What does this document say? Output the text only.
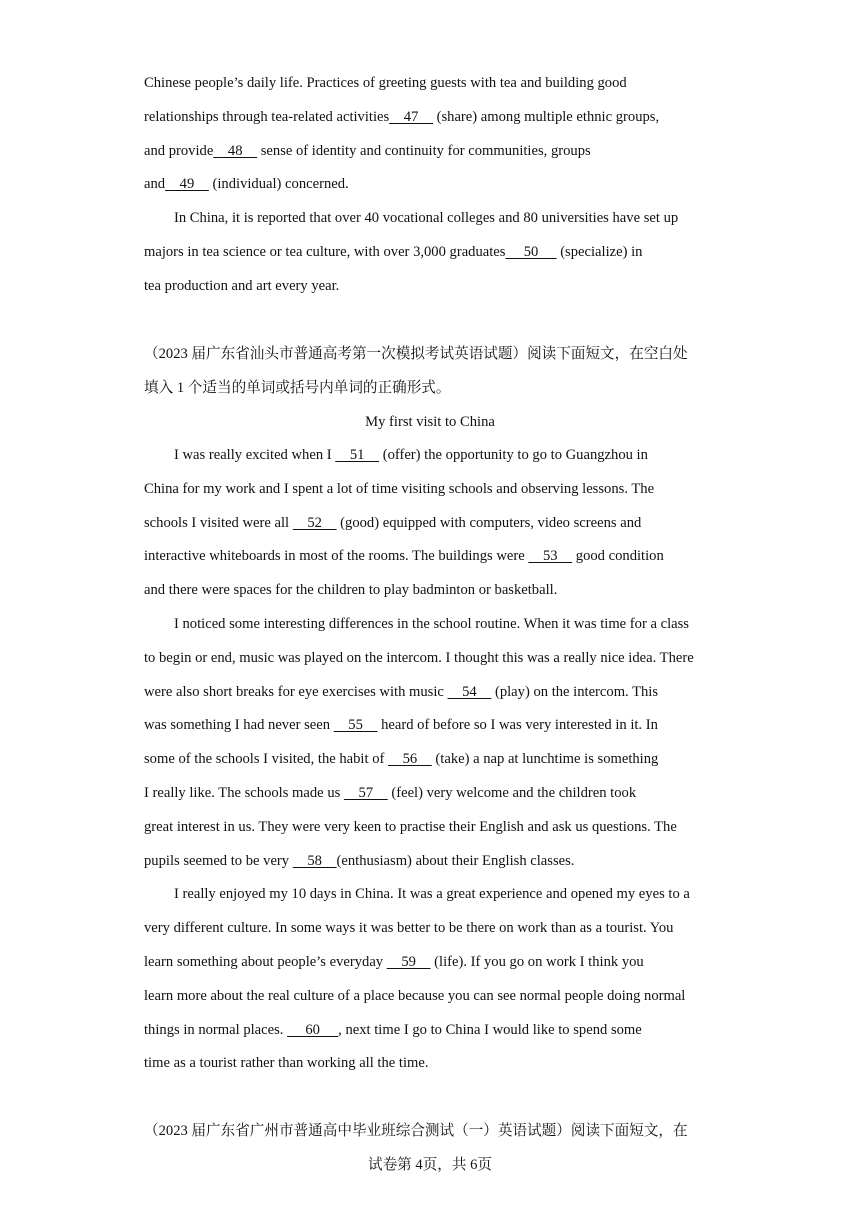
Chinese people’s daily life. Practices of greeting guests with tea and building good
relationships through tea-related activities    47     (share) among multiple ethnic groups,
and provide    48     sense of identity and continuity for communities, groups
and    49     (individual) concerned.
In China, it is reported that over 40 vocational colleges and 80 universities have set up
majors in tea science or tea culture, with over 3,000 graduates     50      (specialize) in
tea production and art every year.
（2023 届广东省汕头市普通高考第一次模拟考试英语试题）阅读下面短文，在空白处
填入 1 个适当的单词或括号内单词的正确形式。
My first visit to China
I was really excited when I     51     (offer) the opportunity to go to Guangzhou in
China for my work and I spent a lot of time visiting schools and observing lessons. The
schools I visited were all     52     (good) equipped with computers, video screens and
interactive whiteboards in most of the rooms. The buildings were     53     good condition
and there were spaces for the children to play badminton or basketball.
I noticed some interesting differences in the school routine. When it was time for a class
to begin or end, music was played on the intercom. I thought this was a really nice idea. There
were also short breaks for eye exercises with music     54     (play) on the intercom. This
was something I had never seen     55     heard of before so I was very interested in it. In
some of the schools I visited, the habit of     56     (take) a nap at lunchtime is something
I really like. The schools made us     57     (feel) very welcome and the children took
great interest in us. They were very keen to practise their English and ask us questions. The
pupils seemed to be very     58    (enthusiasm) about their English classes.
I really enjoyed my 10 days in China. It was a great experience and opened my eyes to a
very different culture. In some ways it was better to be there on work than as a tourist. You
learn something about people’s everyday     59     (life). If you go on work I think you
learn more about the real culture of a place because you can see normal people doing normal
things in normal places.      60     , next time I go to China I would like to spend some
time as a tourist rather than working all the time.
（2023 届广东省广州市普通高中毕业班综合测试（一）英语试题）阅读下面短文，在
试卷第 4页，共 6页
